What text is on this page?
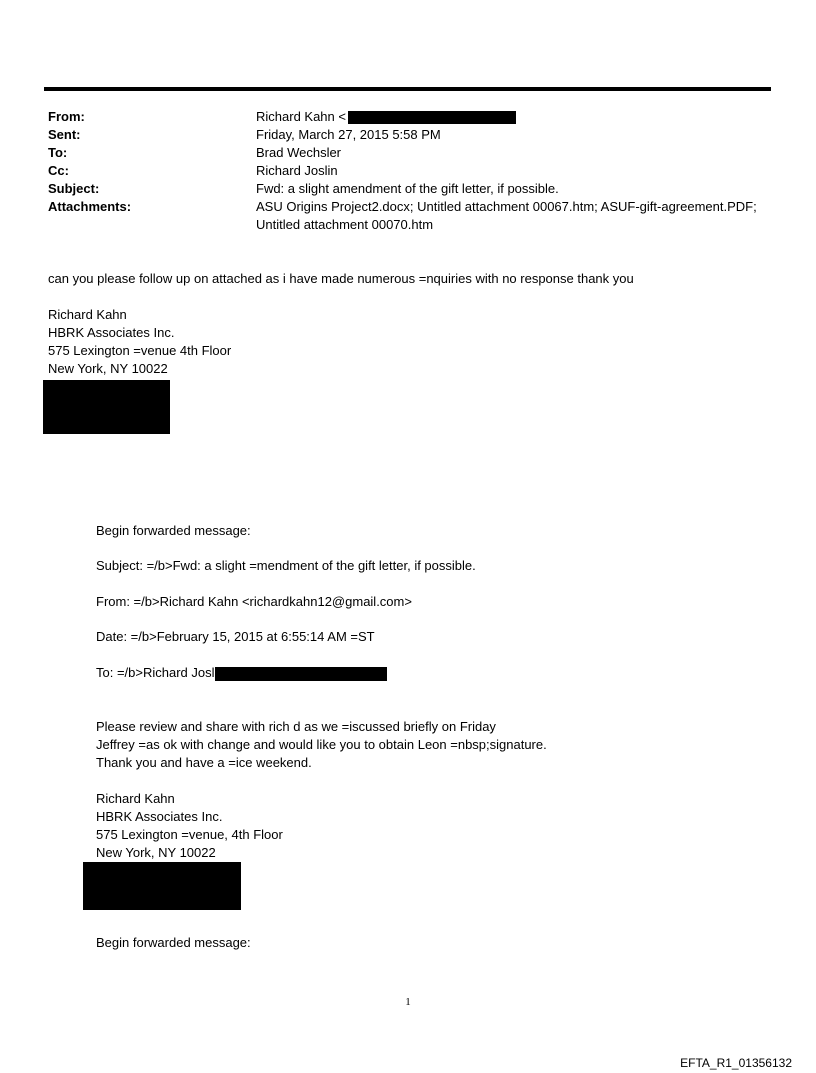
From:	Richard Kahn <
Sent:	Friday, March 27, 2015 5:58 PM
To:	Brad Wechsler
Cc:	Richard Joslin
Subject:	Fwd: a slight amendment of the gift letter, if possible.
Attachments:	ASU Origins Project2.docx; Untitled attachment 00067.htm; ASUF-gift-agreement.PDF;
Untitled attachment 00070.htm
can you please follow up on attached as i have made numerous =nquiries with no response thank you
Richard Kahn
HBRK Associates Inc.
575 Lexington =venue 4th Floor
New York, NY 10022
Begin forwarded message:
Subject: =/b>Fwd: a slight =mendment of the gift letter, if possible.
From: =/b>Richard Kahn <richardkahn12@gmail.com>
Date: =/b>February 15, 2015 at 6:55:14 AM =ST
To: =/b>Richard Josl
Please review and share with rich d as we =iscussed briefly on Friday
Jeffrey =as ok with change and would like you to obtain Leon =nbsp;signature.
Thank you and have a =ice weekend.
Richard Kahn
HBRK Associates Inc.
575 Lexington =venue, 4th Floor
New York, NY 10022
Begin forwarded message:
1
EFTA_R1_01356132
